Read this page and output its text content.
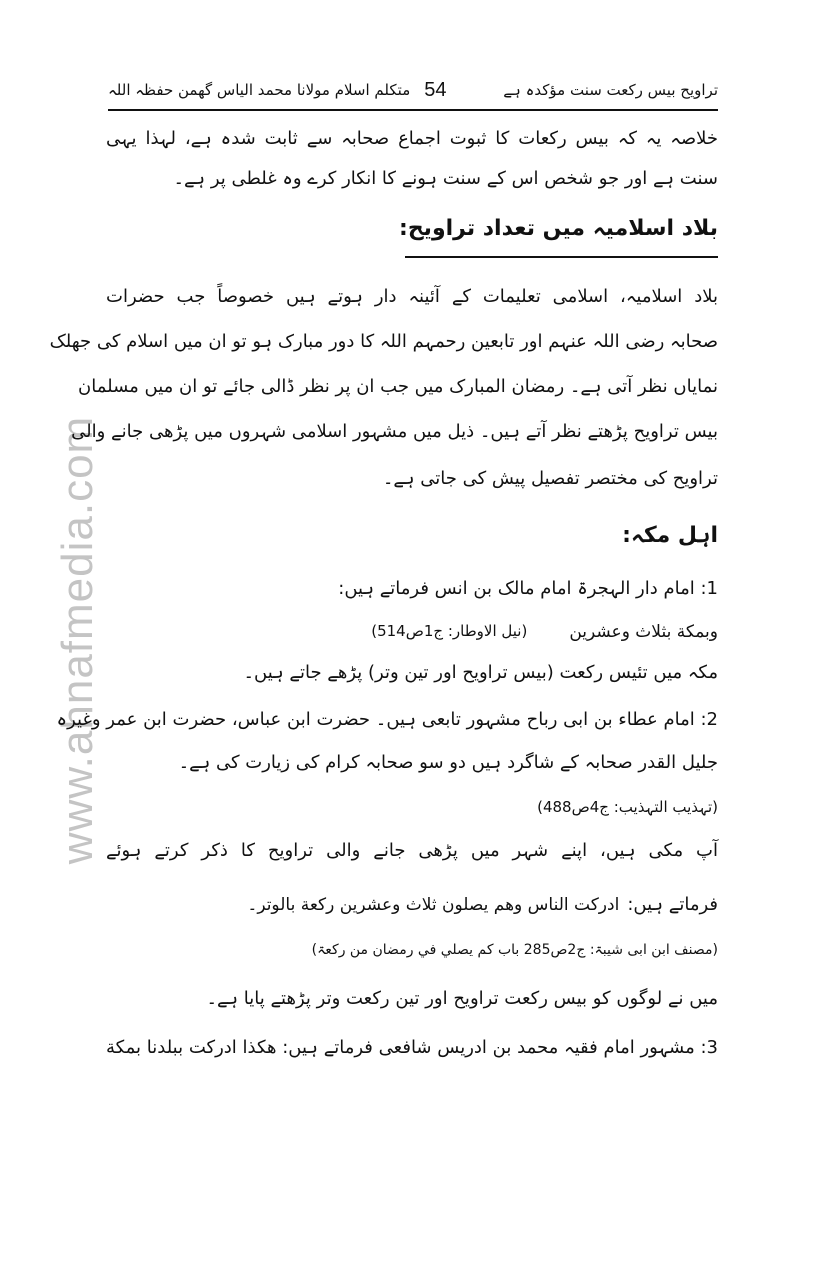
www.ahnafmedia.com
تراویح بیس رکعت سنت مؤکدہ ہے
54
متکلم اسلام مولانا محمد الیاس گھمن حفظہ اللہ
خلاصہ یہ کہ بیس رکعات کا ثبوت اجماع صحابہ سے ثابت شدہ ہے، لہذا یہی
سنت ہے اور جو شخص اس کے سنت ہونے کا انکار کرے وہ غلطی پر ہے۔
بلاد اسلامیہ میں تعداد تراویح:
بلاد اسلامیہ، اسلامی تعلیمات کے آئینہ دار ہوتے ہیں خصوصاً جب حضرات
صحابہ رضی اللہ عنہم اور تابعین رحمہم اللہ کا دور مبارک ہو تو ان میں اسلام کی جھلک
نمایاں نظر آتی ہے۔ رمضان المبارک میں جب ان پر نظر ڈالی جائے تو ان میں مسلمان
بیس تراویح پڑھتے نظر آتے ہیں۔ ذیل میں مشہور اسلامی شہروں میں پڑھی جانے والی
تراویح کی مختصر تفصیل پیش کی جاتی ہے۔
اہل مکہ:
1: امام دار الہجرۃ امام مالک بن انس فرماتے ہیں:
وبمكة بثلاث وعشرين
(نیل الاوطار: ج1ص514)
مکہ میں تئیس رکعت (بیس تراویح اور تین وتر) پڑھے جاتے ہیں۔
2: امام عطاء بن ابی رباح مشہور تابعی ہیں۔ حضرت ابن عباس، حضرت ابن عمر وغیرہ
جلیل القدر صحابہ کے شاگرد ہیں دو سو صحابہ کرام کی زیارت کی ہے۔
(تہذیب التہذیب: ج4ص488)
آپ مکی ہیں، اپنے شہر میں پڑھی جانے والی تراویح کا ذکر کرتے ہوئے
فرماتے ہیں:
ادركت الناس وهم يصلون ثلاث وعشرين ركعة بالوتر۔
(مصنف ابن ابی شیبۃ: ج2ص285 باب کم یصلي في رمضان من رکعۃ)
میں نے لوگوں کو بیس رکعت تراویح اور تین رکعت وتر پڑھتے پایا ہے۔
3: مشہور امام فقیہ محمد بن ادریس شافعی فرماتے ہیں: هكذا ادركت ببلدنا بمكة
